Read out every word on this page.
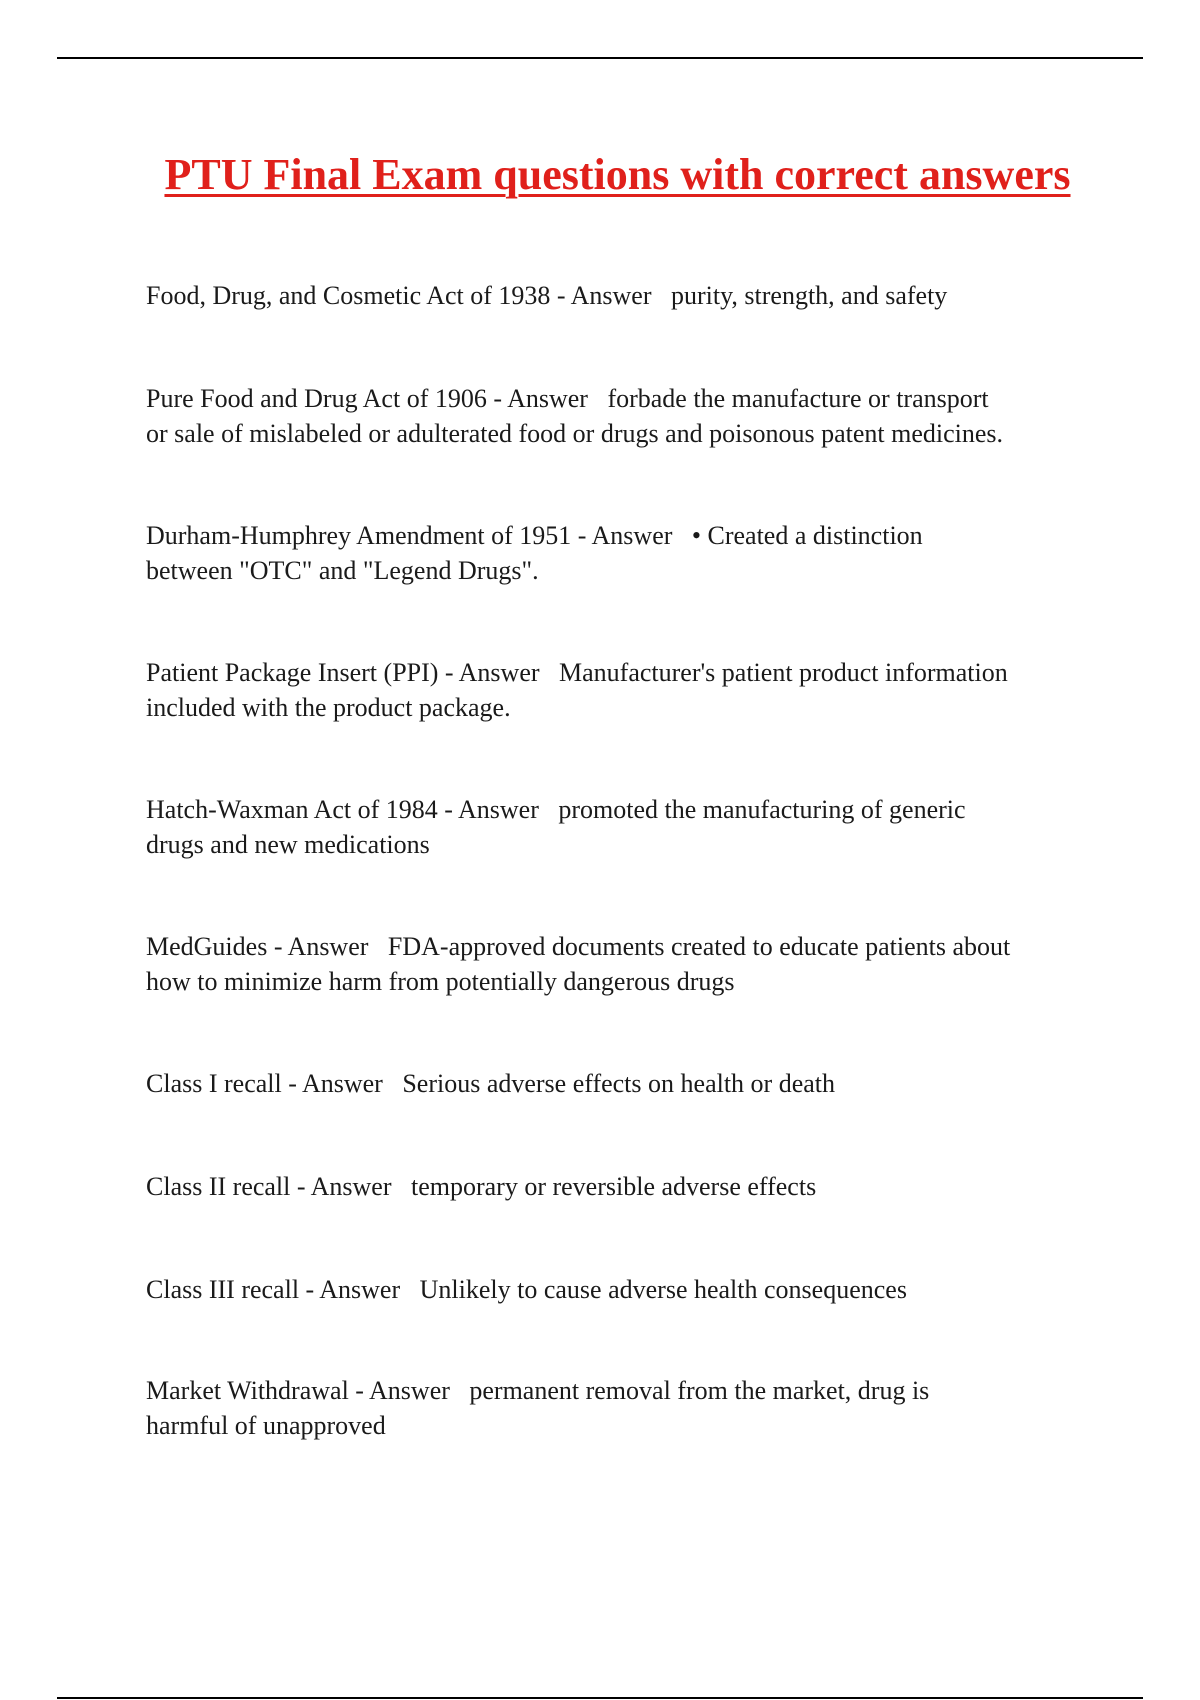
PTU Final Exam questions with correct answers

Food, Drug, and Cosmetic Act of 1938 - Answer   purity, strength, and safety

Pure Food and Drug Act of 1906 - Answer   forbade the manufacture or transport
or sale of mislabeled or adulterated food or drugs and poisonous patent medicines.

Durham-Humphrey Amendment of 1951 - Answer   • Created a distinction
between "OTC" and "Legend Drugs".

Patient Package Insert (PPI) - Answer   Manufacturer's patient product information
included with the product package.

Hatch-Waxman Act of 1984 - Answer   promoted the manufacturing of generic
drugs and new medications

MedGuides - Answer   FDA-approved documents created to educate patients about
how to minimize harm from potentially dangerous drugs

Class I recall - Answer   Serious adverse effects on health or death

Class II recall - Answer   temporary or reversible adverse effects

Class III recall - Answer   Unlikely to cause adverse health consequences

Market Withdrawal - Answer   permanent removal from the market, drug is
harmful of unapproved
